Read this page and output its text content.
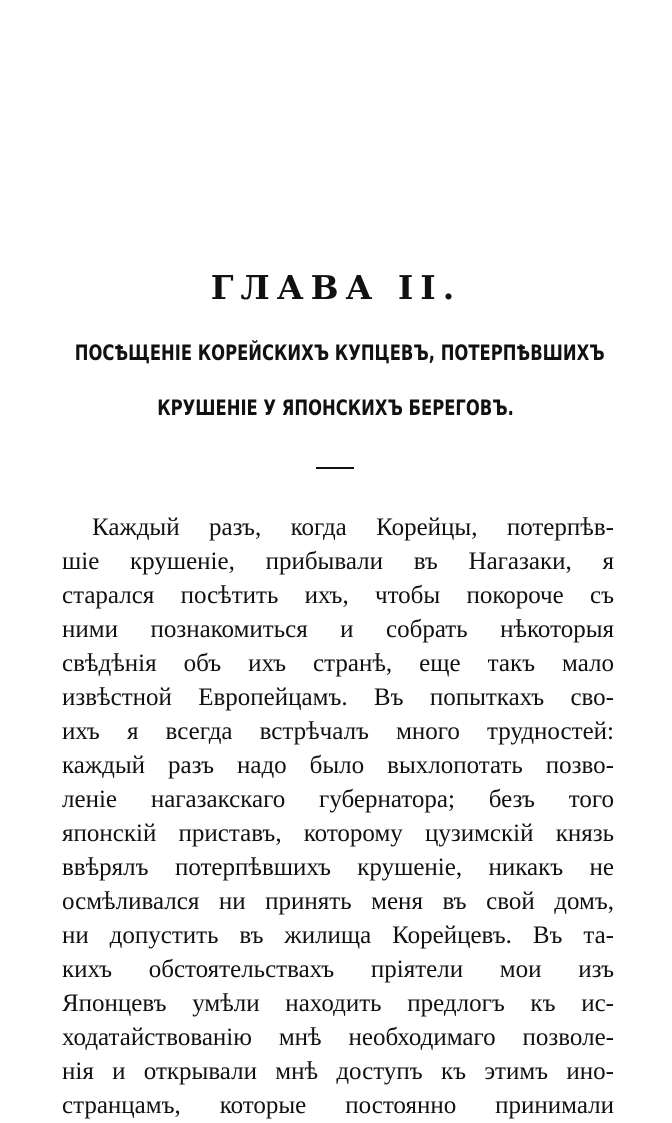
ГЛАВА II.
ПОСѢЩЕНІЕ КОРЕЙСКИХЪ КУПЦЕВЪ, ПОТЕРПѢВШИХЪ
КРУШЕНІЕ У ЯПОНСКИХЪ БЕРЕГОВЪ.
Каждый разъ, когда Корейцы, потерпѣв-
шіе крушеніе, прибывали въ Нагазаки, я
старался посѣтить ихъ, чтобы покороче съ
ними познакомиться и собрать нѣкоторыя
свѣдѣнія объ ихъ странѣ, еще такъ мало
извѣстной Европейцамъ. Въ попыткахъ сво-
ихъ я всегда встрѣчалъ много трудностей:
каждый разъ надо было выхлопотать позво-
леніе нагазакскаго губернатора; безъ того
японскій приставъ, которому цузимскій князь
ввѣрялъ потерпѣвшихъ крушеніе, никакъ не
осмѣливался ни принять меня въ свой домъ,
ни допустить въ жилища Корейцевъ. Въ та-
кихъ обстоятельствахъ пріятели мои изъ
Японцевъ умѣли находить предлогъ къ ис-
ходатайствованію мнѣ необходимаго позволе-
нія и открывали мнѣ доступъ къ этимъ ино-
странцамъ, которые постоянно принимали
